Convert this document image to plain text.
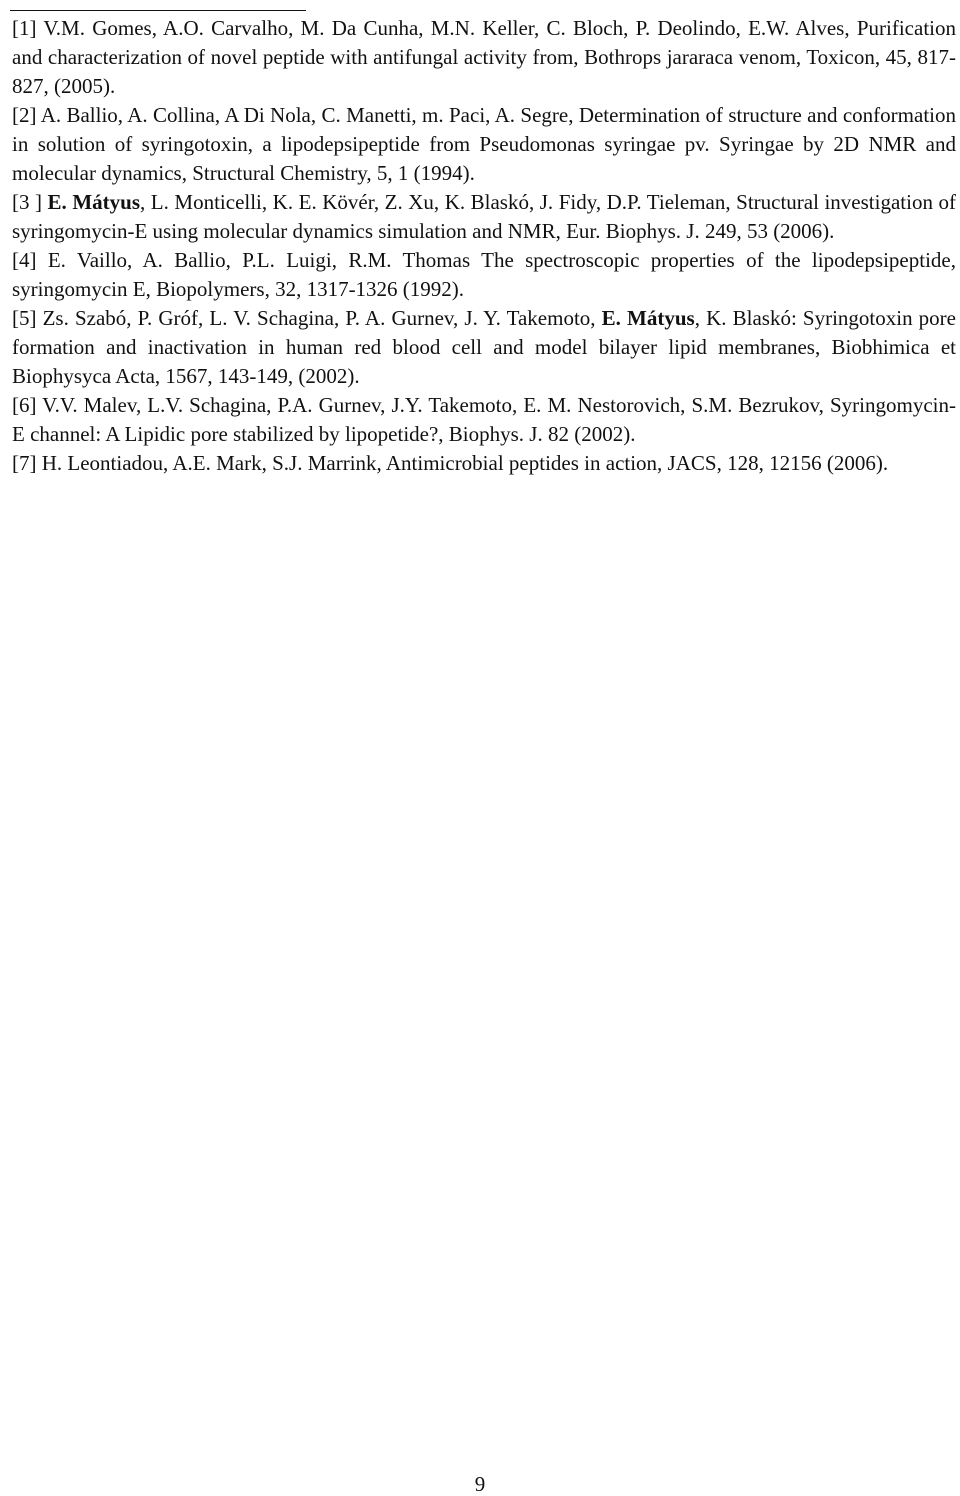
[1] V.M. Gomes, A.O. Carvalho, M. Da Cunha, M.N. Keller, C. Bloch, P. Deolindo, E.W. Alves, Purification and characterization of novel peptide with antifungal activity from, Bothrops jararaca venom, Toxicon, 45, 817-827, (2005).

[2] A. Ballio, A. Collina, A Di Nola, C. Manetti, m. Paci, A. Segre, Determination of structure and conformation in solution of syringotoxin, a lipodepsipeptide from Pseudomonas syringae pv. Syringae by 2D NMR and molecular dynamics, Structural Chemistry, 5, 1 (1994).

[3 ] E. Mátyus, L. Monticelli, K. E. Kövér, Z. Xu, K. Blaskó, J. Fidy, D.P. Tieleman, Structural investigation of syringomycin-E using molecular dynamics simulation and NMR, Eur. Biophys. J. 249, 53 (2006).

[4] E. Vaillo, A. Ballio, P.L. Luigi, R.M. Thomas The spectroscopic properties of the lipodepsipeptide, syringomycin E, Biopolymers, 32, 1317-1326 (1992).

[5] Zs. Szabó, P. Gróf, L. V. Schagina, P. A. Gurnev, J. Y. Takemoto, E. Mátyus, K. Blaskó: Syringotoxin pore formation and inactivation in human red blood cell and model bilayer lipid membranes, Biobhimica et Biophysyca Acta, 1567, 143-149, (2002).

[6] V.V. Malev, L.V. Schagina, P.A. Gurnev, J.Y. Takemoto, E. M. Nestorovich, S.M. Bezrukov, Syringomycin-E channel: A Lipidic pore stabilized by lipopetide?, Biophys. J. 82 (2002).

[7] H. Leontiadou, A.E. Mark, S.J. Marrink, Antimicrobial peptides in action, JACS, 128, 12156 (2006).

9
